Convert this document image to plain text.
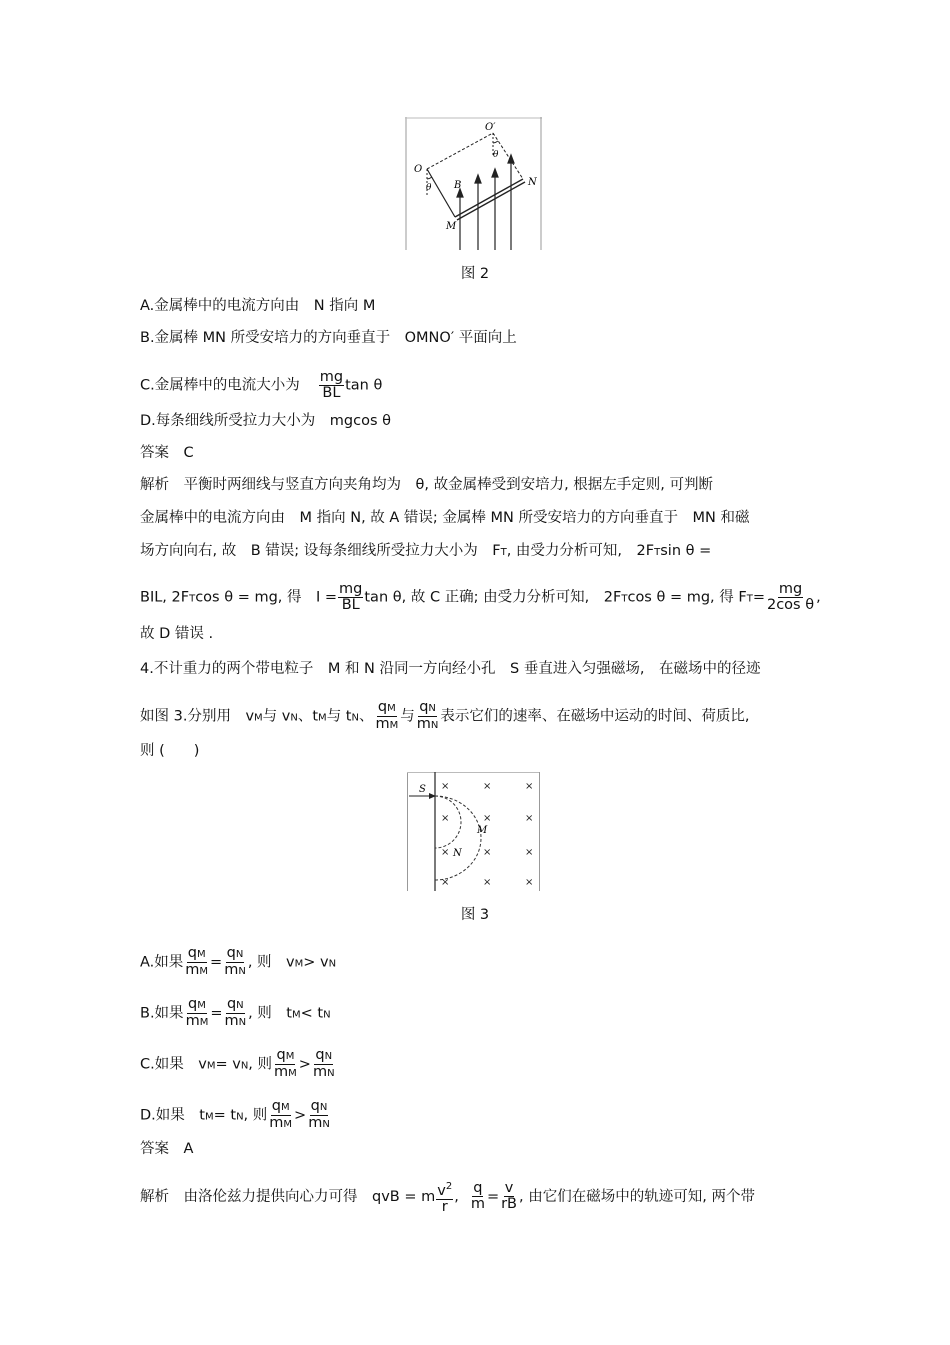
O
O′
θ
θ
B
M
N
图 2
A.金属棒中的电流方向由　N 指向 M
B.金属棒 MN 所受安培力的方向垂直于　OMNO′ 平面向上
C.金属棒中的电流大小为 $\frac{mg}{BL}$ tan θ
D.每条细线所受拉力大小为　mgcos θ
答案　C
解析　平衡时两细线与竖直方向夹角均为　θ, 故金属棒受到安培力, 根据左手定则, 可判断
金属棒中的电流方向由　M 指向 N, 故 A 错误; 金属棒 MN 所受安培力的方向垂直于　MN 和磁
场方向向右, 故　B 错误; 设每条细线所受拉力大小为　FT, 由受力分析可知,　2FTsin θ =
BIL, 2FTcos θ = mg, 得　$I = \frac{mg}{BL}$ tan θ, 故 C 正确; 由受力分析可知,　2FTcos θ = mg, 得 $FT= \frac{mg}{\text{2cos θ}}$ ,
故 D 错误 .
4.不计重力的两个带电粒子　M 和 N 沿同一方向经小孔　S 垂直进入匀强磁场,　在磁场中的径迹
如图 3.分别用　vM与 vN、tM与 tN、 $\frac{qM}{mM}$ 与 $\frac{qN}{mN}$ 表示它们的速率、在磁场中运动的时间、荷质比,
则 (　　)
×	×	×
×	×	×
×	×	×
×	×	×
S
M
N
图 3
A.如果 $\frac{qM}{mM} = \frac{qN}{mN}$ , 则　vM> vN
B.如果 $\frac{qM}{mM} = \frac{qN}{mN}$ , 则　tM< tN
C.如果　vM= vN, 则 $\frac{qM}{mM} > \frac{qN}{mN}$
D.如果　tM= tN, 则 $\frac{qM}{mM} > \frac{qN}{mN}$
答案　A
解析　由洛伦兹力提供向心力可得　qvB = m $\frac{v^2}{r}$ , $\frac{q}{m} = \frac{v}{rB}$ , 由它们在磁场中的轨迹可知, 两个带
